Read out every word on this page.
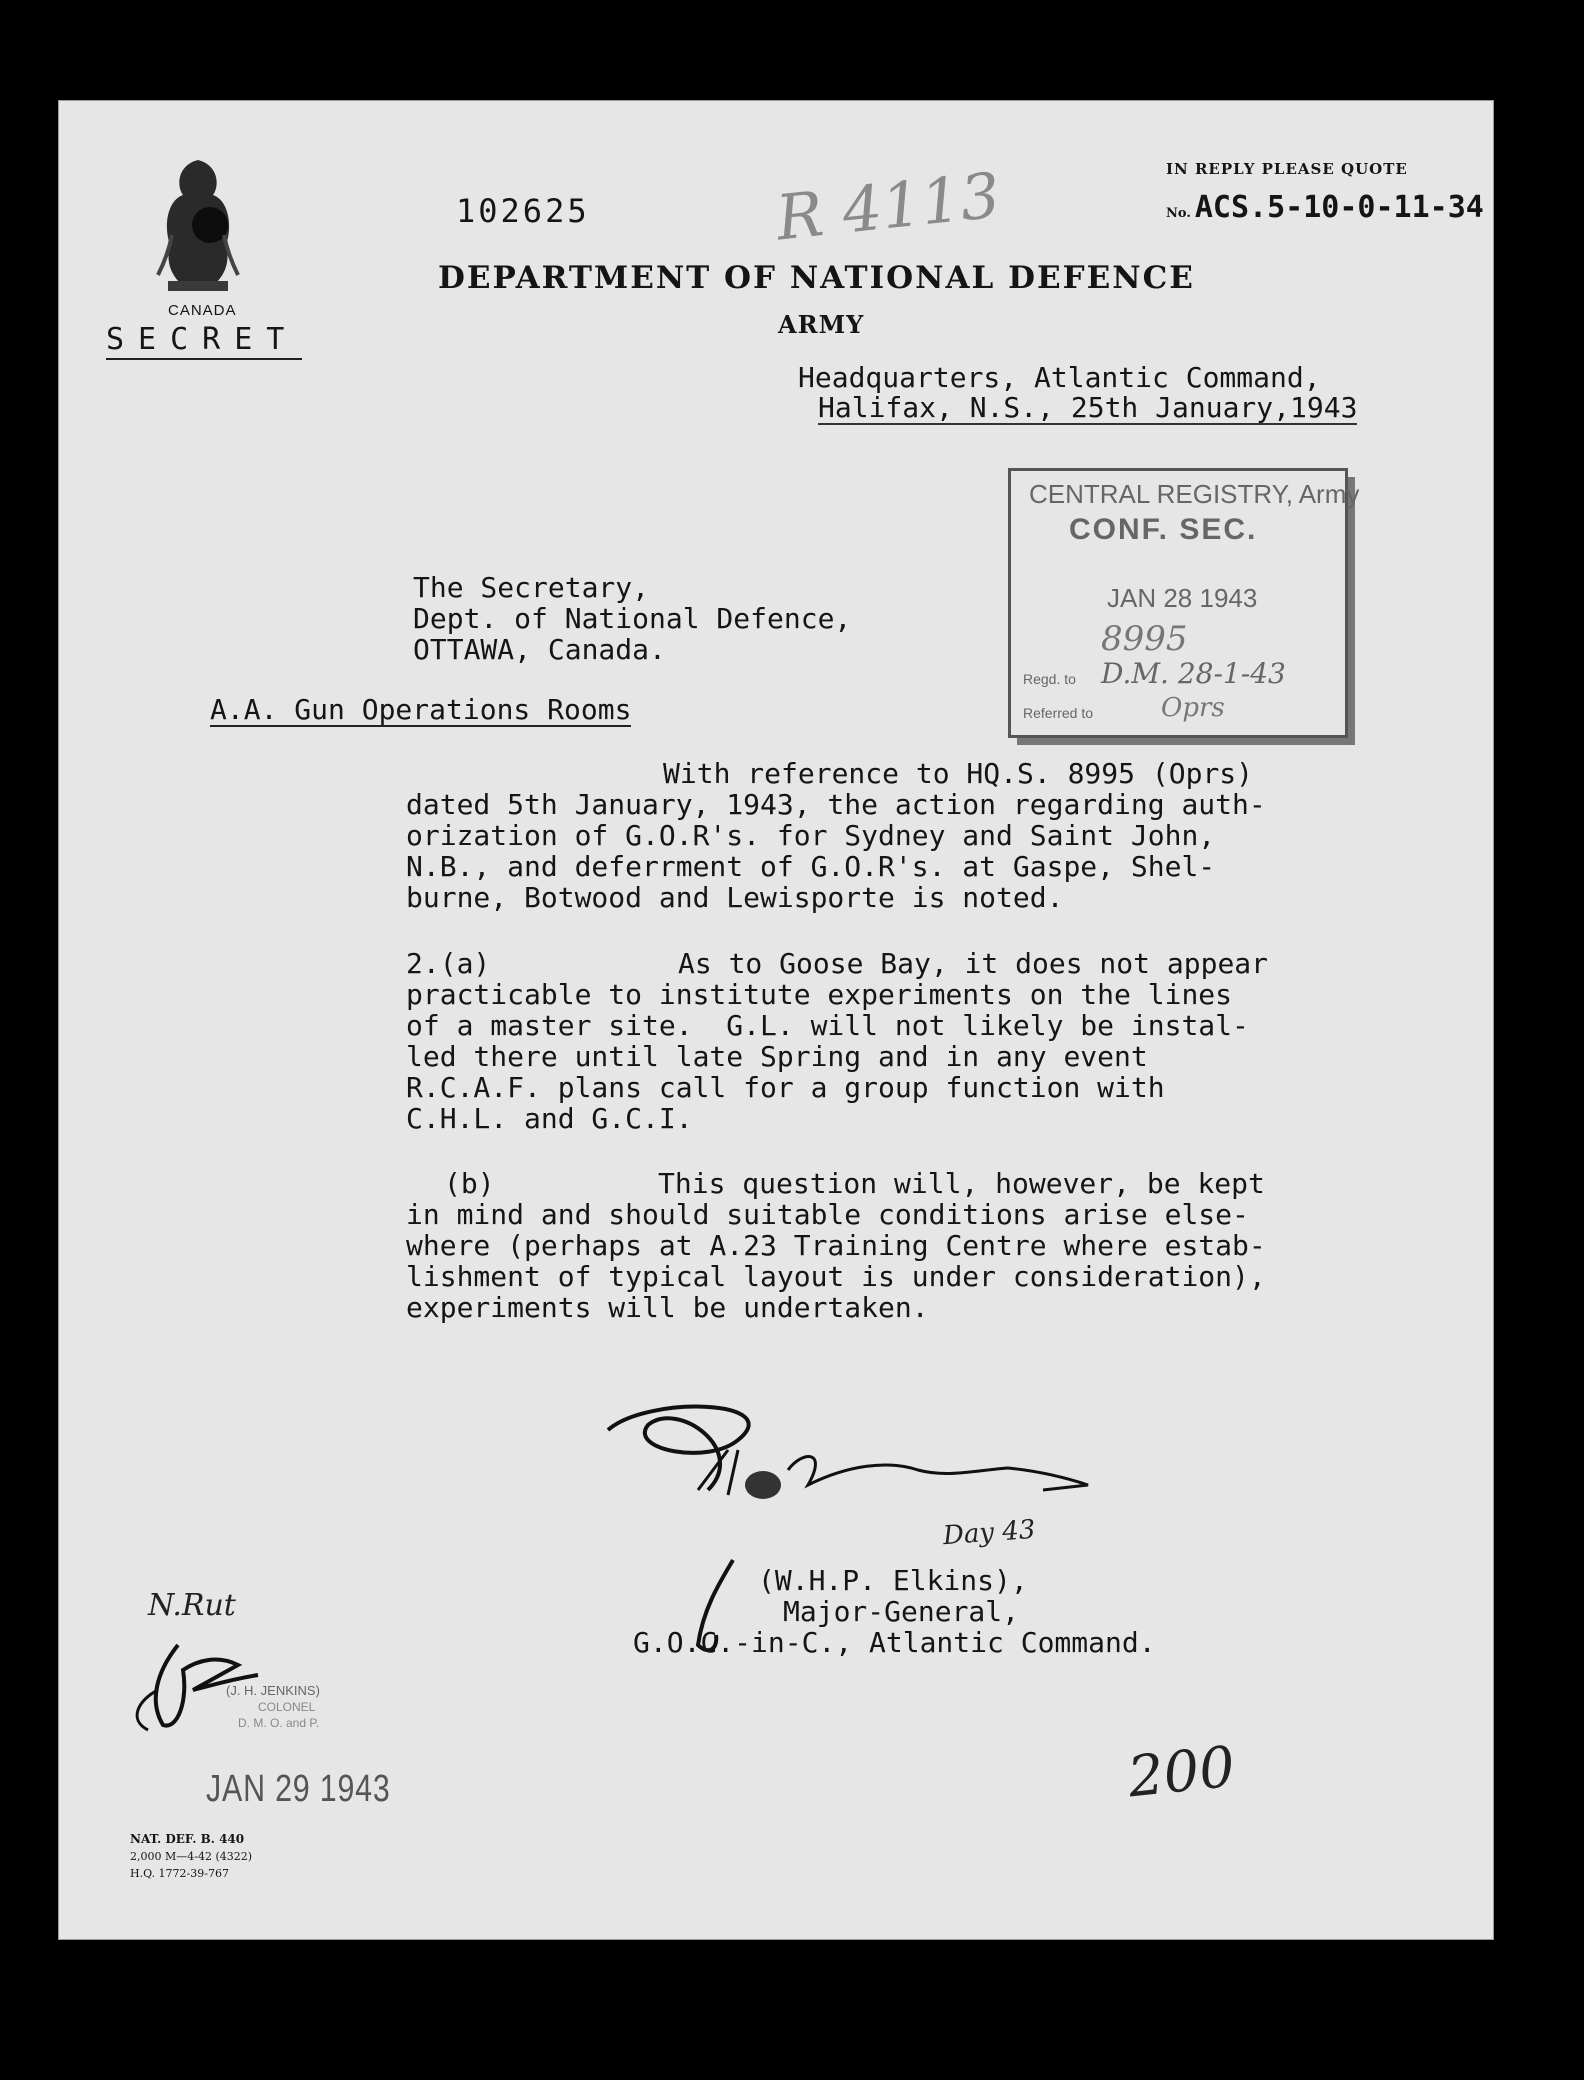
CANADA
SECRET
102625	R 4113	IN REPLY PLEASE QUOTE
No. ACS.5-10-0-11-34
DEPARTMENT OF NATIONAL DEFENCE
ARMY
Headquarters, Atlantic Command,
Halifax, N.S., 25th January,1943
CENTRAL REGISTRY, Army
CONF. SEC.
JAN 28 1943
8995
Regd. to D.M. 28-1-43
Referred to	Oprs
The Secretary,
Dept. of National Defence,
OTTAWA, Canada.
A.A. Gun Operations Rooms
With reference to HQ.S. 8995 (Oprs)
dated 5th January, 1943, the action regarding auth-
orization of G.O.R's. for Sydney and Saint John,
N.B., and deferrment of G.O.R's. at Gaspe, Shel-
burne, Botwood and Lewisporte is noted.
2.(a)	As to Goose Bay, it does not appear
practicable to institute experiments on the lines
of a master site.  G.L. will not likely be instal-
led there until late Spring and in any event
R.C.A.F. plans call for a group function with
C.H.L. and G.C.I.
(b)	This question will, however, be kept
in mind and should suitable conditions arise else-
where (perhaps at A.23 Training Centre where estab-
lishment of typical layout is under consideration),
experiments will be undertaken.
Day 43
(W.H.P. Elkins),
Major-General,
G.O.C.-in-C., Atlantic Command.
N.Rut
(J. H. JENKINS)
COLONEL
D. M. O. and P.
JAN 29 1943	200
NAT. DEF. B. 440
2,000 M—4-42 (4322)
H.Q. 1772-39-767
